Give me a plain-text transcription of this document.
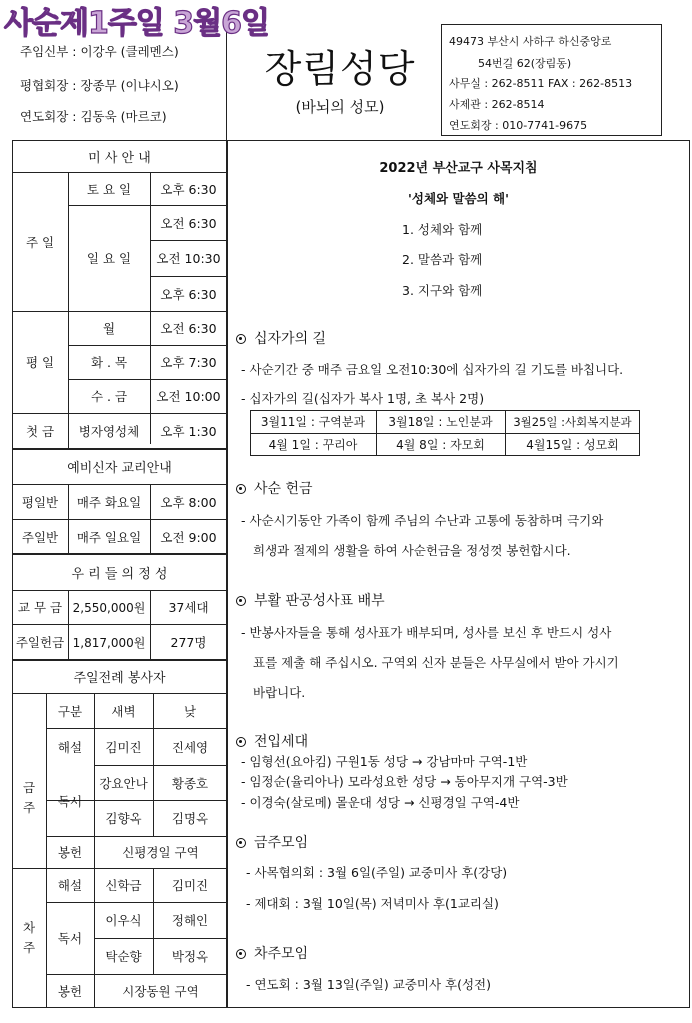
사순제1주일 3월6일
주임신부 : 이강우 (클레멘스)
평협회장 : 장종무 (이냐시오)
연도회장 : 김동욱 (마르코)
장림성당
(바뇌의 성모)
49473 부산시 사하구 하신중앙로
54번길 62(장림동)
사무실 : 262-8511 FAX : 262-8513
사제관 : 262-8514
연도회장 : 010-7741-9675
미 사 안 내
주 일
토 요 일	오후 6:30
일 요 일
오전 6:30
오전 10:30
오후 6:30
평 일
월	오전 6:30
화 . 목	오후 7:30
수 . 금	오전 10:00
첫 금	병자영성체	오후 1:30
예비신자 교리안내
평일반	매주 화요일	오후 8:00
주일반	매주 일요일	오전 9:00
우 리 들 의 정 성
교 무 금 2,550,000원	37세대
주일헌금 1,817,000원	277명
주일전례 봉사자
구분	새벽	낮
금
주
해설	김미진	진세영
독서
강요안나	황종호
김향옥	김명옥
봉헌	신평경일 구역
차
주
해설	신학금	김미진
독서
이우식	정해인
탁순향	박정옥
봉헌	시장동원 구역
2022년 부산교구 사목지침
'성체와 말씀의 해'
1. 성체와 함께
2. 말씀과 함께
3. 지구와 함께
십자가의 길
- 사순기간 중 매주 금요일 오전10:30에 십자가의 길 기도를 바칩니다.
- 십자가의 길(십자가 복사 1명, 초 복사 2명)
3월11일 : 구역분과	3월18일 : 노인분과	3월25일 :사회복지분과
4월 1일 : 꾸리아	4월 8일 : 자모회	4월15일 : 성모회
사순 헌금
- 사순시기동안 가족이 함께 주님의 수난과 고통에 동참하며 극기와
희생과 절제의 생활을 하여 사순헌금을 정성껏 봉헌합시다.
부활 판공성사표 배부
- 반봉사자들을 통해 성사표가 배부되며, 성사를 보신 후 반드시 성사
표를 제출 해 주십시오. 구역외 신자 분들은 사무실에서 받아 가시기
바랍니다.
전입세대
- 임형선(요아킴) 구원1동 성당 → 강남마마 구역-1반
- 임정순(율리아나) 모라성요한 성당 → 동아무지개 구역-3반
- 이경숙(살로메) 몰운대 성당 → 신평경일 구역-4반
금주모임
- 사목협의회 : 3월 6일(주일) 교중미사 후(강당)
- 제대회 : 3월 10일(목) 저녁미사 후(1교리실)
차주모임
- 연도회 : 3월 13일(주일) 교중미사 후(성전)
